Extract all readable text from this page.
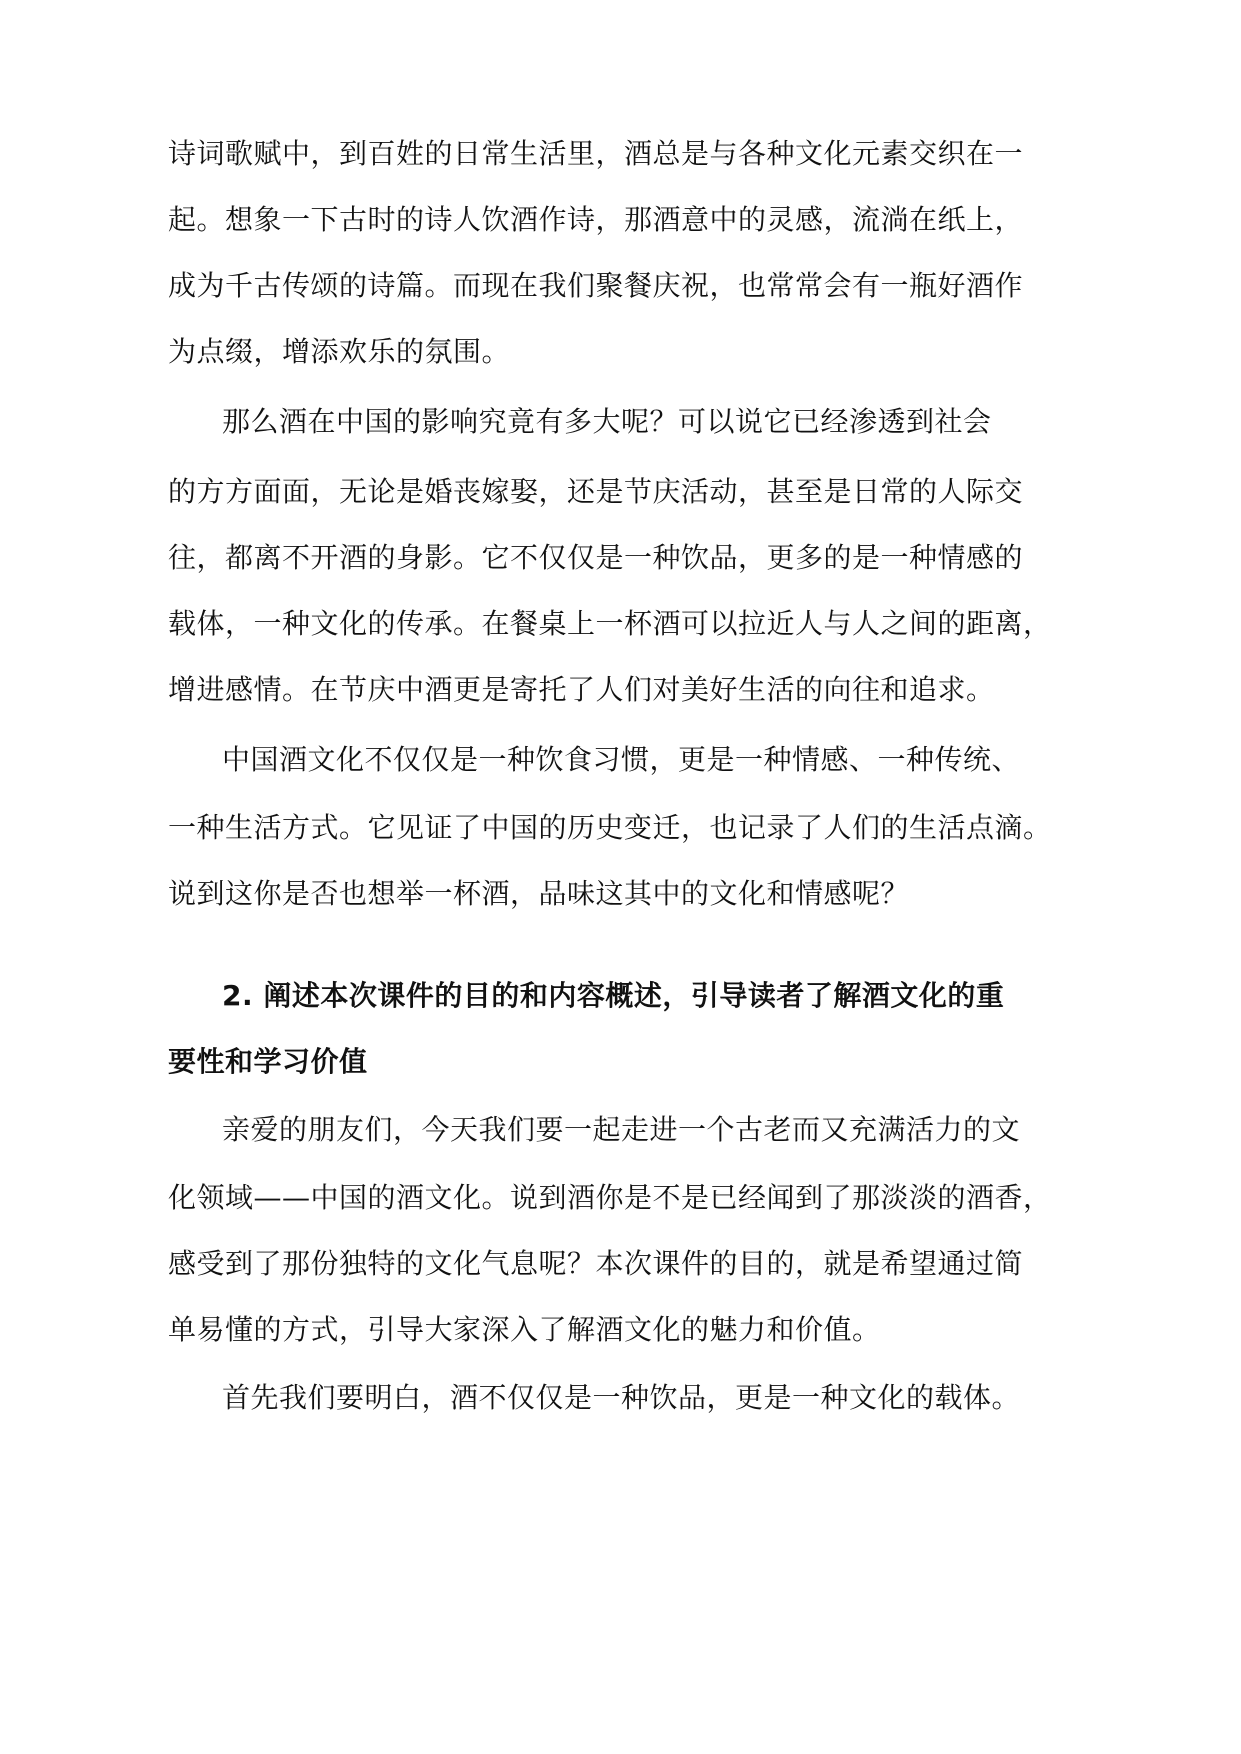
诗词歌赋中，到百姓的日常生活里，酒总是与各种文化元素交织在一
起。想象一下古时的诗人饮酒作诗，那酒意中的灵感，流淌在纸上，
成为千古传颂的诗篇。而现在我们聚餐庆祝，也常常会有一瓶好酒作
为点缀，增添欢乐的氛围。
那么酒在中国的影响究竟有多大呢？可以说它已经渗透到社会
的方方面面，无论是婚丧嫁娶，还是节庆活动，甚至是日常的人际交
往，都离不开酒的身影。它不仅仅是一种饮品，更多的是一种情感的
载体，一种文化的传承。在餐桌上一杯酒可以拉近人与人之间的距离，
增进感情。在节庆中酒更是寄托了人们对美好生活的向往和追求。
中国酒文化不仅仅是一种饮食习惯，更是一种情感、一种传统、
一种生活方式。它见证了中国的历史变迁，也记录了人们的生活点滴。
说到这你是否也想举一杯酒，品味这其中的文化和情感呢？
2. 阐述本次课件的目的和内容概述，引导读者了解酒文化的重
要性和学习价值
亲爱的朋友们，今天我们要一起走进一个古老而又充满活力的文
化领域——中国的酒文化。说到酒你是不是已经闻到了那淡淡的酒香，
感受到了那份独特的文化气息呢？本次课件的目的，就是希望通过简
单易懂的方式，引导大家深入了解酒文化的魅力和价值。
首先我们要明白，酒不仅仅是一种饮品，更是一种文化的载体。
